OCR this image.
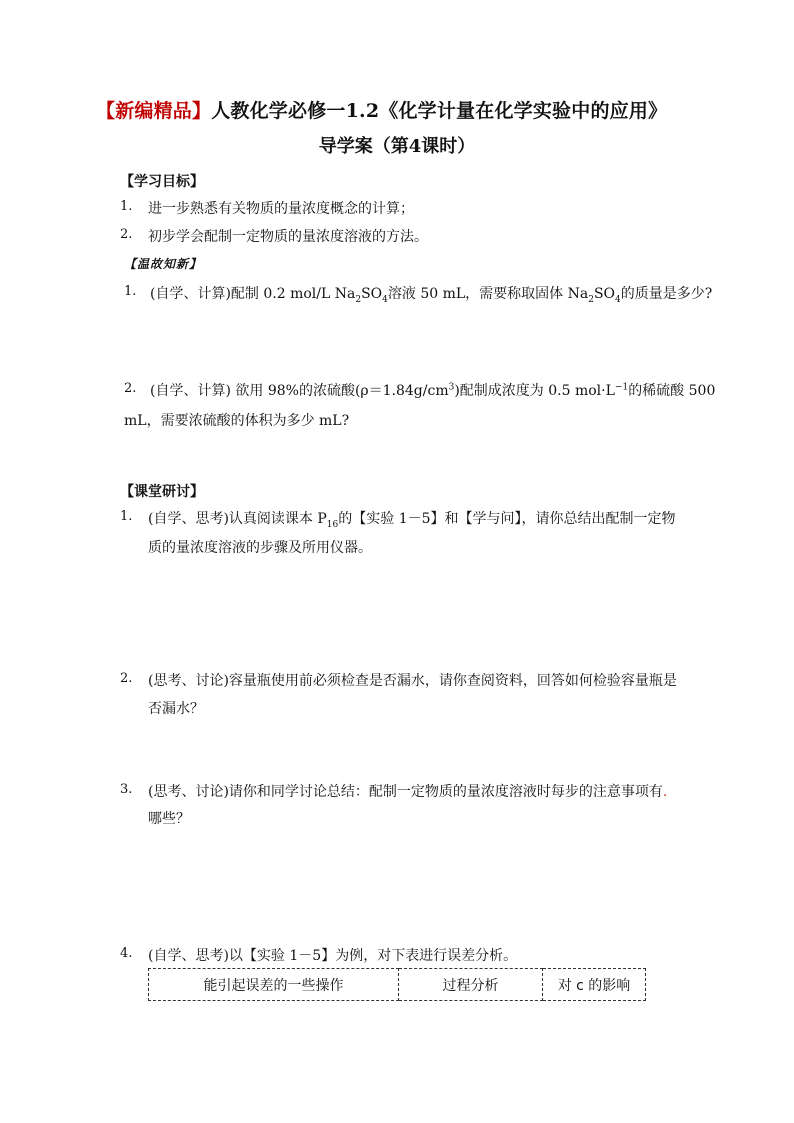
【新编精品】人教化学必修一1.2《化学计量在化学实验中的应用》
导学案（第4课时）
【学习目标】
1. 进一步熟悉有关物质的量浓度概念的计算；
2. 初步学会配制一定物质的量浓度溶液的方法。
【温故知新】
1. (自学、计算)配制 0.2 mol/L $Na_2SO_4$溶液 50 mL，需要称取固体 $Na_2SO_4$的质量是多少?
2. (自学、计算) 欲用 98%的浓硫酸$(\rho=1.84g/cm^3)$配制成浓度为 0.5 $mol\cdot L^{-1}$的稀硫酸 500
mL，需要浓硫酸的体积为多少 mL?
【课堂研讨】
1. (自学、思考)认真阅读课本 $P_{16}$的【实验 1－5】和【学与问】，请你总结出配制一定物
质的量浓度溶液的步骤及所用仪器。
2. (思考、讨论)容量瓶使用前必须检查是否漏水，请你查阅资料，回答如何检验容量瓶是
否漏水？
3. (思考、讨论)请你和同学讨论总结：配制一定物质的量浓度溶液时每步的注意事项有.
哪些？
4. (自学、思考)以【实验 1－5】为例，对下表进行误差分析。
能引起误差的一些操作	过程分析	对 c 的影响
